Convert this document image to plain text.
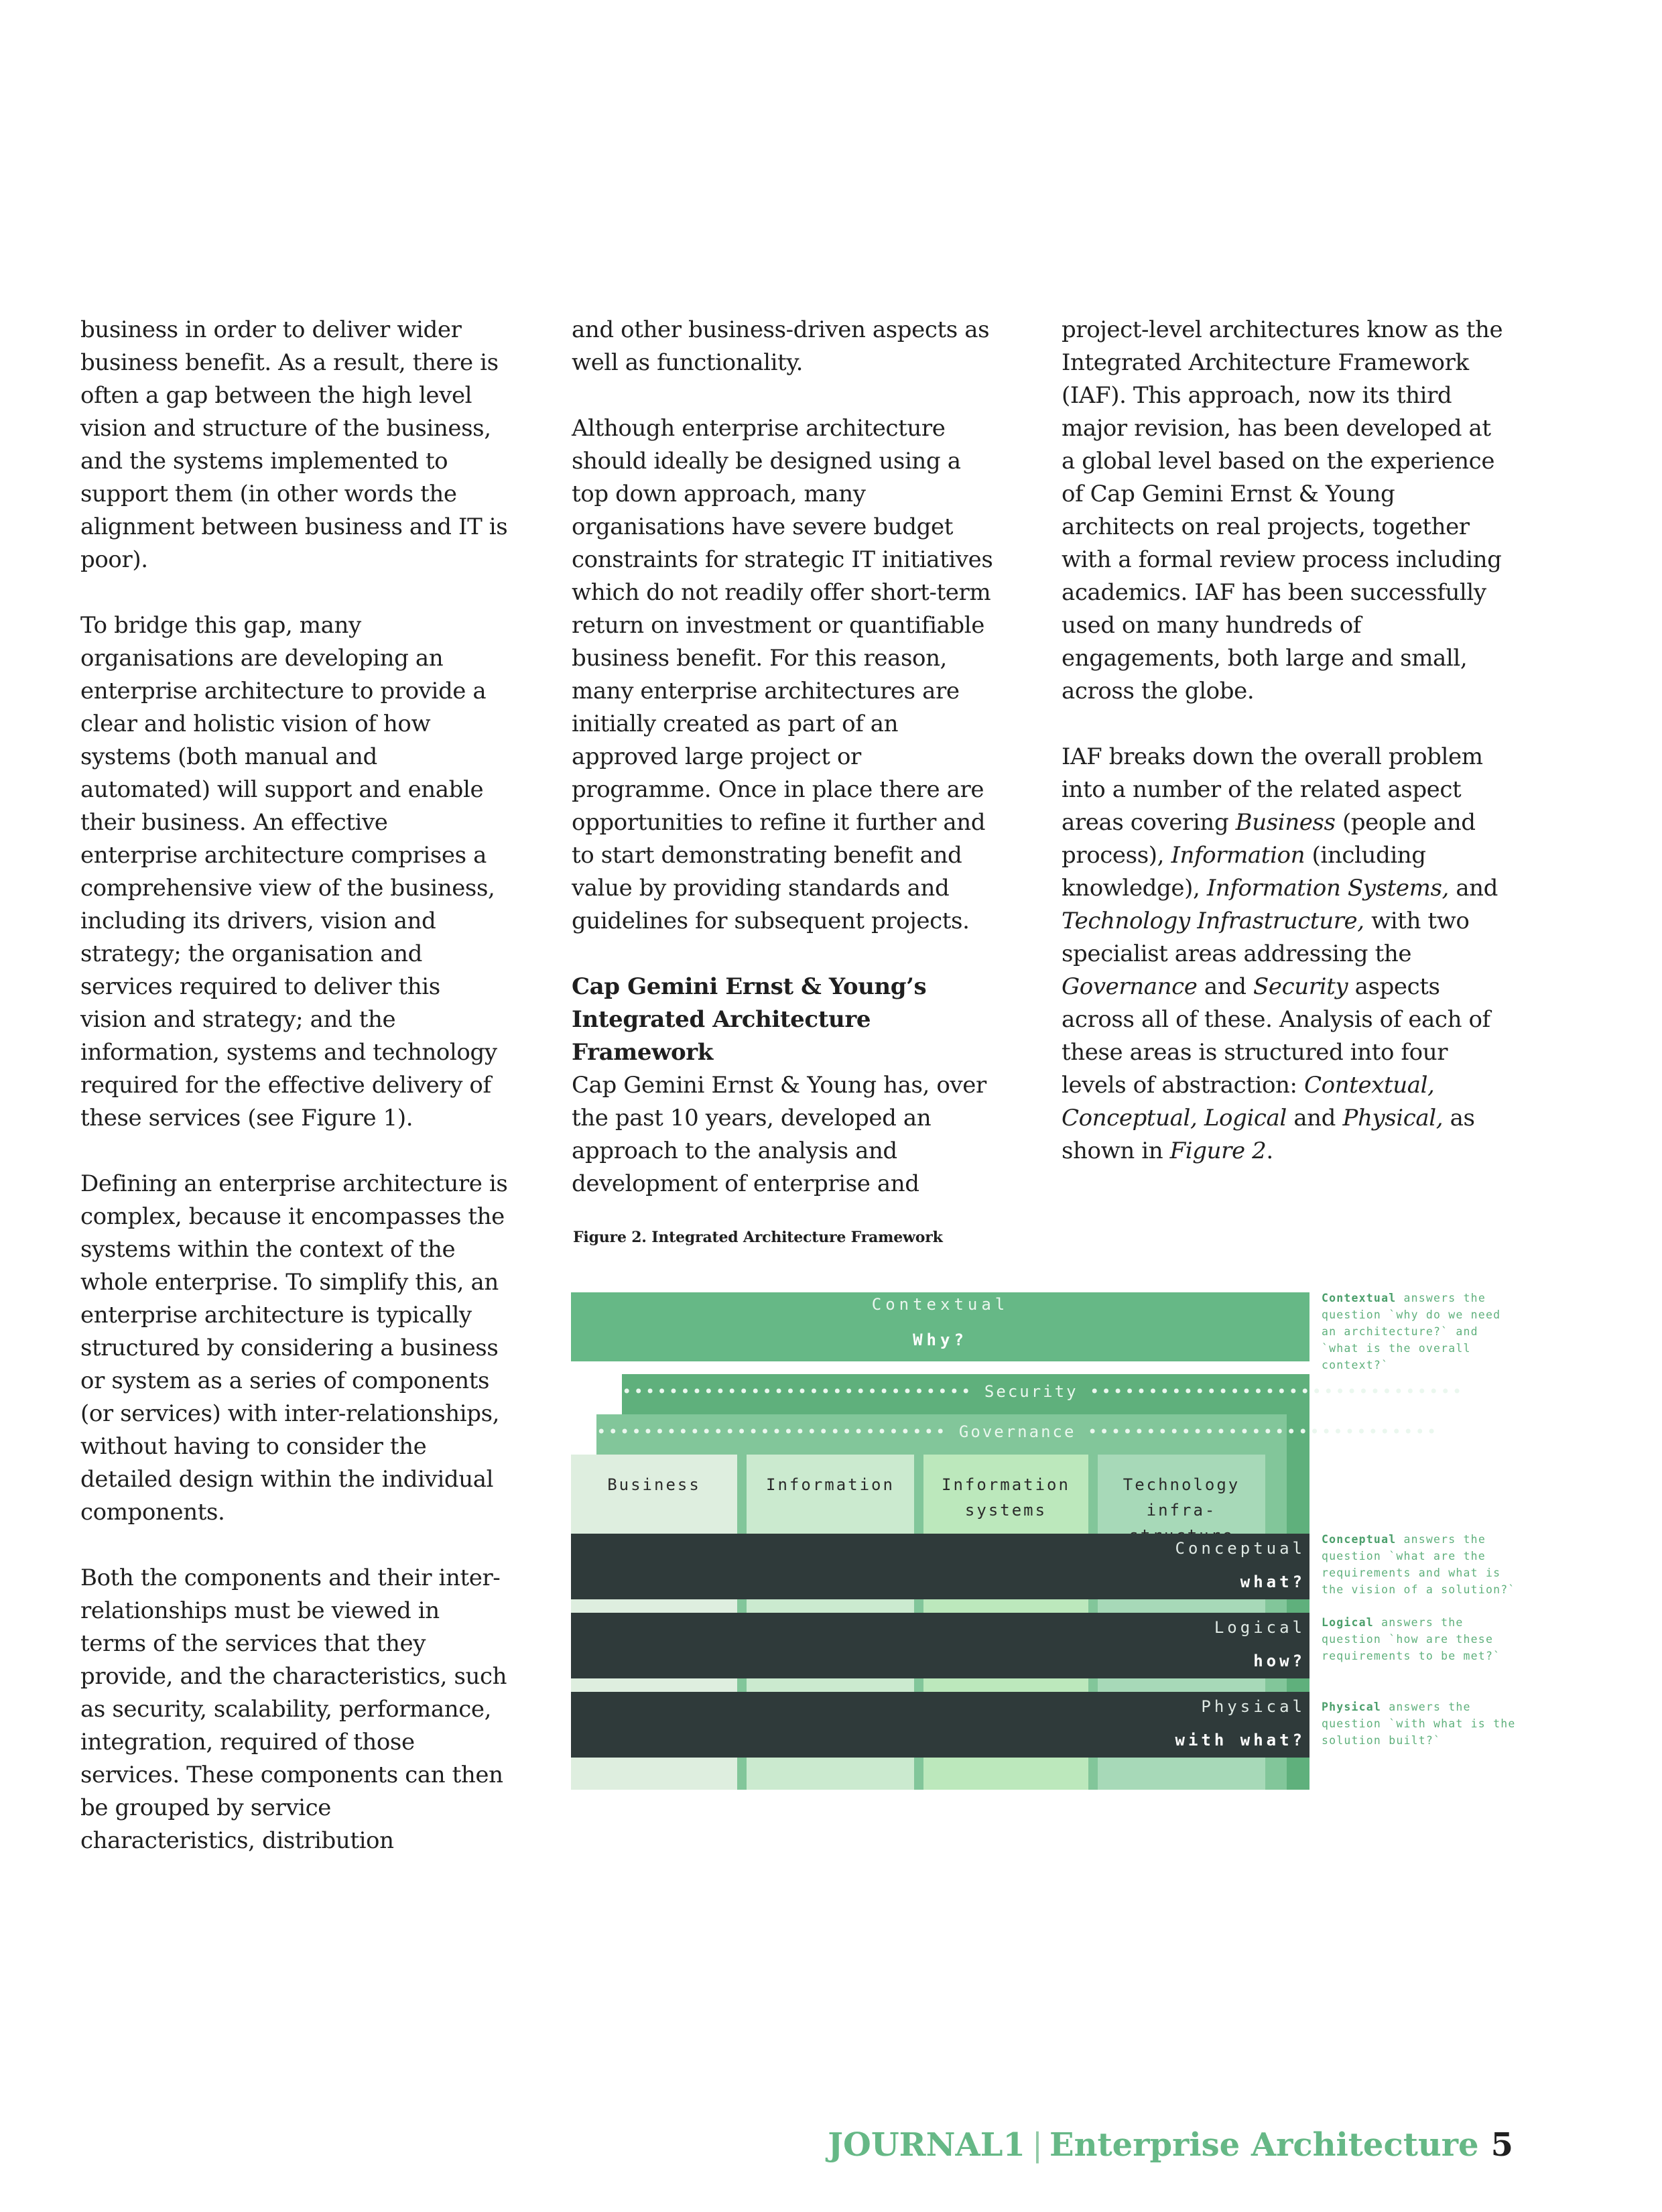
business in order to deliver wider business benefit. As a result, there is often a gap between the high level vision and structure of the business, and the systems implemented to support them (in other words the alignment between business and IT is poor).

To bridge this gap, many organisations are developing an enterprise architecture to provide a clear and holistic vision of how systems (both manual and automated) will support and enable their business. An effective enterprise architecture comprises a comprehensive view of the business, including its drivers, vision and strategy; the organisation and services required to deliver this vision and strategy; and the information, systems and technology required for the effective delivery of these services (see Figure 1).

Defining an enterprise architecture is complex, because it encompasses the systems within the context of the whole enterprise. To simplify this, an enterprise architecture is typically structured by considering a business or system as a series of components (or services) with inter-relationships, without having to consider the detailed design within the individual components.

Both the components and their inter-relationships must be viewed in terms of the services that they provide, and the characteristics, such as security, scalability, performance, integration, required of those services. These components can then be grouped by service characteristics, distribution

and other business-driven aspects as well as functionality.

Although enterprise architecture should ideally be designed using a top down approach, many organisations have severe budget constraints for strategic IT initiatives which do not readily offer short-term return on investment or quantifiable business benefit. For this reason, many enterprise architectures are initially created as part of an approved large project or programme. Once in place there are opportunities to refine it further and to start demonstrating benefit and value by providing standards and guidelines for subsequent projects.

Cap Gemini Ernst & Young’s Integrated Architecture Framework

Cap Gemini Ernst & Young has, over the past 10 years, developed an approach to the analysis and development of enterprise and

project-level architectures know as the Integrated Architecture Framework (IAF). This approach, now its third major revision, has been developed at a global level based on the experience of Cap Gemini Ernst & Young architects on real projects, together with a formal review process including academics. IAF has been successfully used on many hundreds of engagements, both large and small, across the globe.

IAF breaks down the overall problem into a number of the related aspect areas covering Business (people and process), Information (including knowledge), Information Systems, and Technology Infrastructure, with two specialist areas addressing the Governance and Security aspects across all of these. Analysis of each of these areas is structured into four levels of abstraction: Contextual, Conceptual, Logical and Physical, as shown in Figure 2.

Figure 2. Integrated Architecture Framework
Contextual
Why?
•••••••••••••••••••••••••••••• Security ••••••••••••••••••••••••••••••••
•••••••••••••••••••••••••••••• Governance ••••••••••••••••••••••••••••••
Business	Information	Information
systems
Technology
infra-
Conceptual
what?
Logical
how?
Physical
with what?
Contextual answers the question `why do we need an architecture?` and `what is the overall context?`
Conceptual answers the question `what are the requirements and what is the vision of a solution?`
Logical answers the question `how are these requirements to be met?`
Physical answers the question `with what is the solution built?`
JOURNAL1 | Enterprise Architecture 5
